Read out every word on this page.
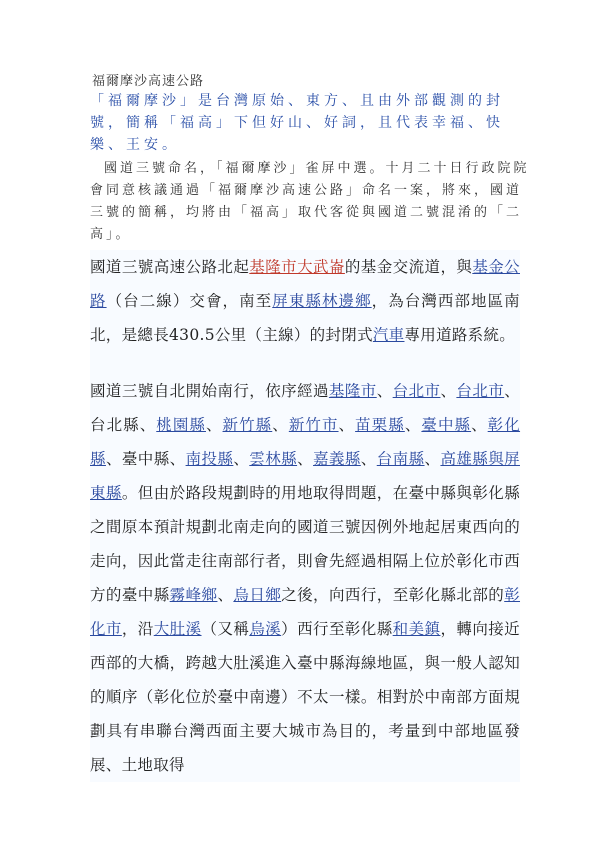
福爾摩沙高速公路
「福爾摩沙」是台灣原始、東方、且由外部觀測的封號，簡稱「福高」下但好山、好詞，且代表幸福、快樂、王安。

國道三號命名，「福爾摩沙」雀屏中選。十月二十日行政院院會同意核議通過「福爾摩沙高速公路」命名一案，將來，國道三號的簡稱，均將由「福高」取代客從與國道二號混淆的「二高」。

國道三號高速公路北起基隆市大武崙的基金交流道，與基金公路（台二線）交會，南至屏東縣林邊鄉，為台灣西部地區南北，是總長430.5公里（主線）的封閉式汽車專用道路系統。

國道三號自北開始南行，依序經過基隆市、台北市、台北市、台北縣、桃園縣、新竹縣、新竹市、苗栗縣、臺中縣、彰化縣、臺中縣、南投縣、雲林縣、嘉義縣、台南縣、高雄縣與屏東縣。但由於路段規劃時的用地取得問題，在臺中縣與彰化縣之間原本預計規劃北南走向的國道三號因例外地起居東西向的走向，因此當走往南部行者，則會先經過相隔上位於彰化市西方的臺中縣霧峰鄉、烏日鄉之後，向西行，至彰化縣北部的彰化市，沿大肚溪（又稱烏溪）西行至彰化縣和美鎮，轉向接近西部的大橋，跨越大肚溪進入臺中縣海線地區，與一般人認知的順序（彰化位於臺中南邊）不太一樣。相對於中南部方面規劃具有串聯台灣西面主要大城市為目的，考量到中部地區發展、土地取得
